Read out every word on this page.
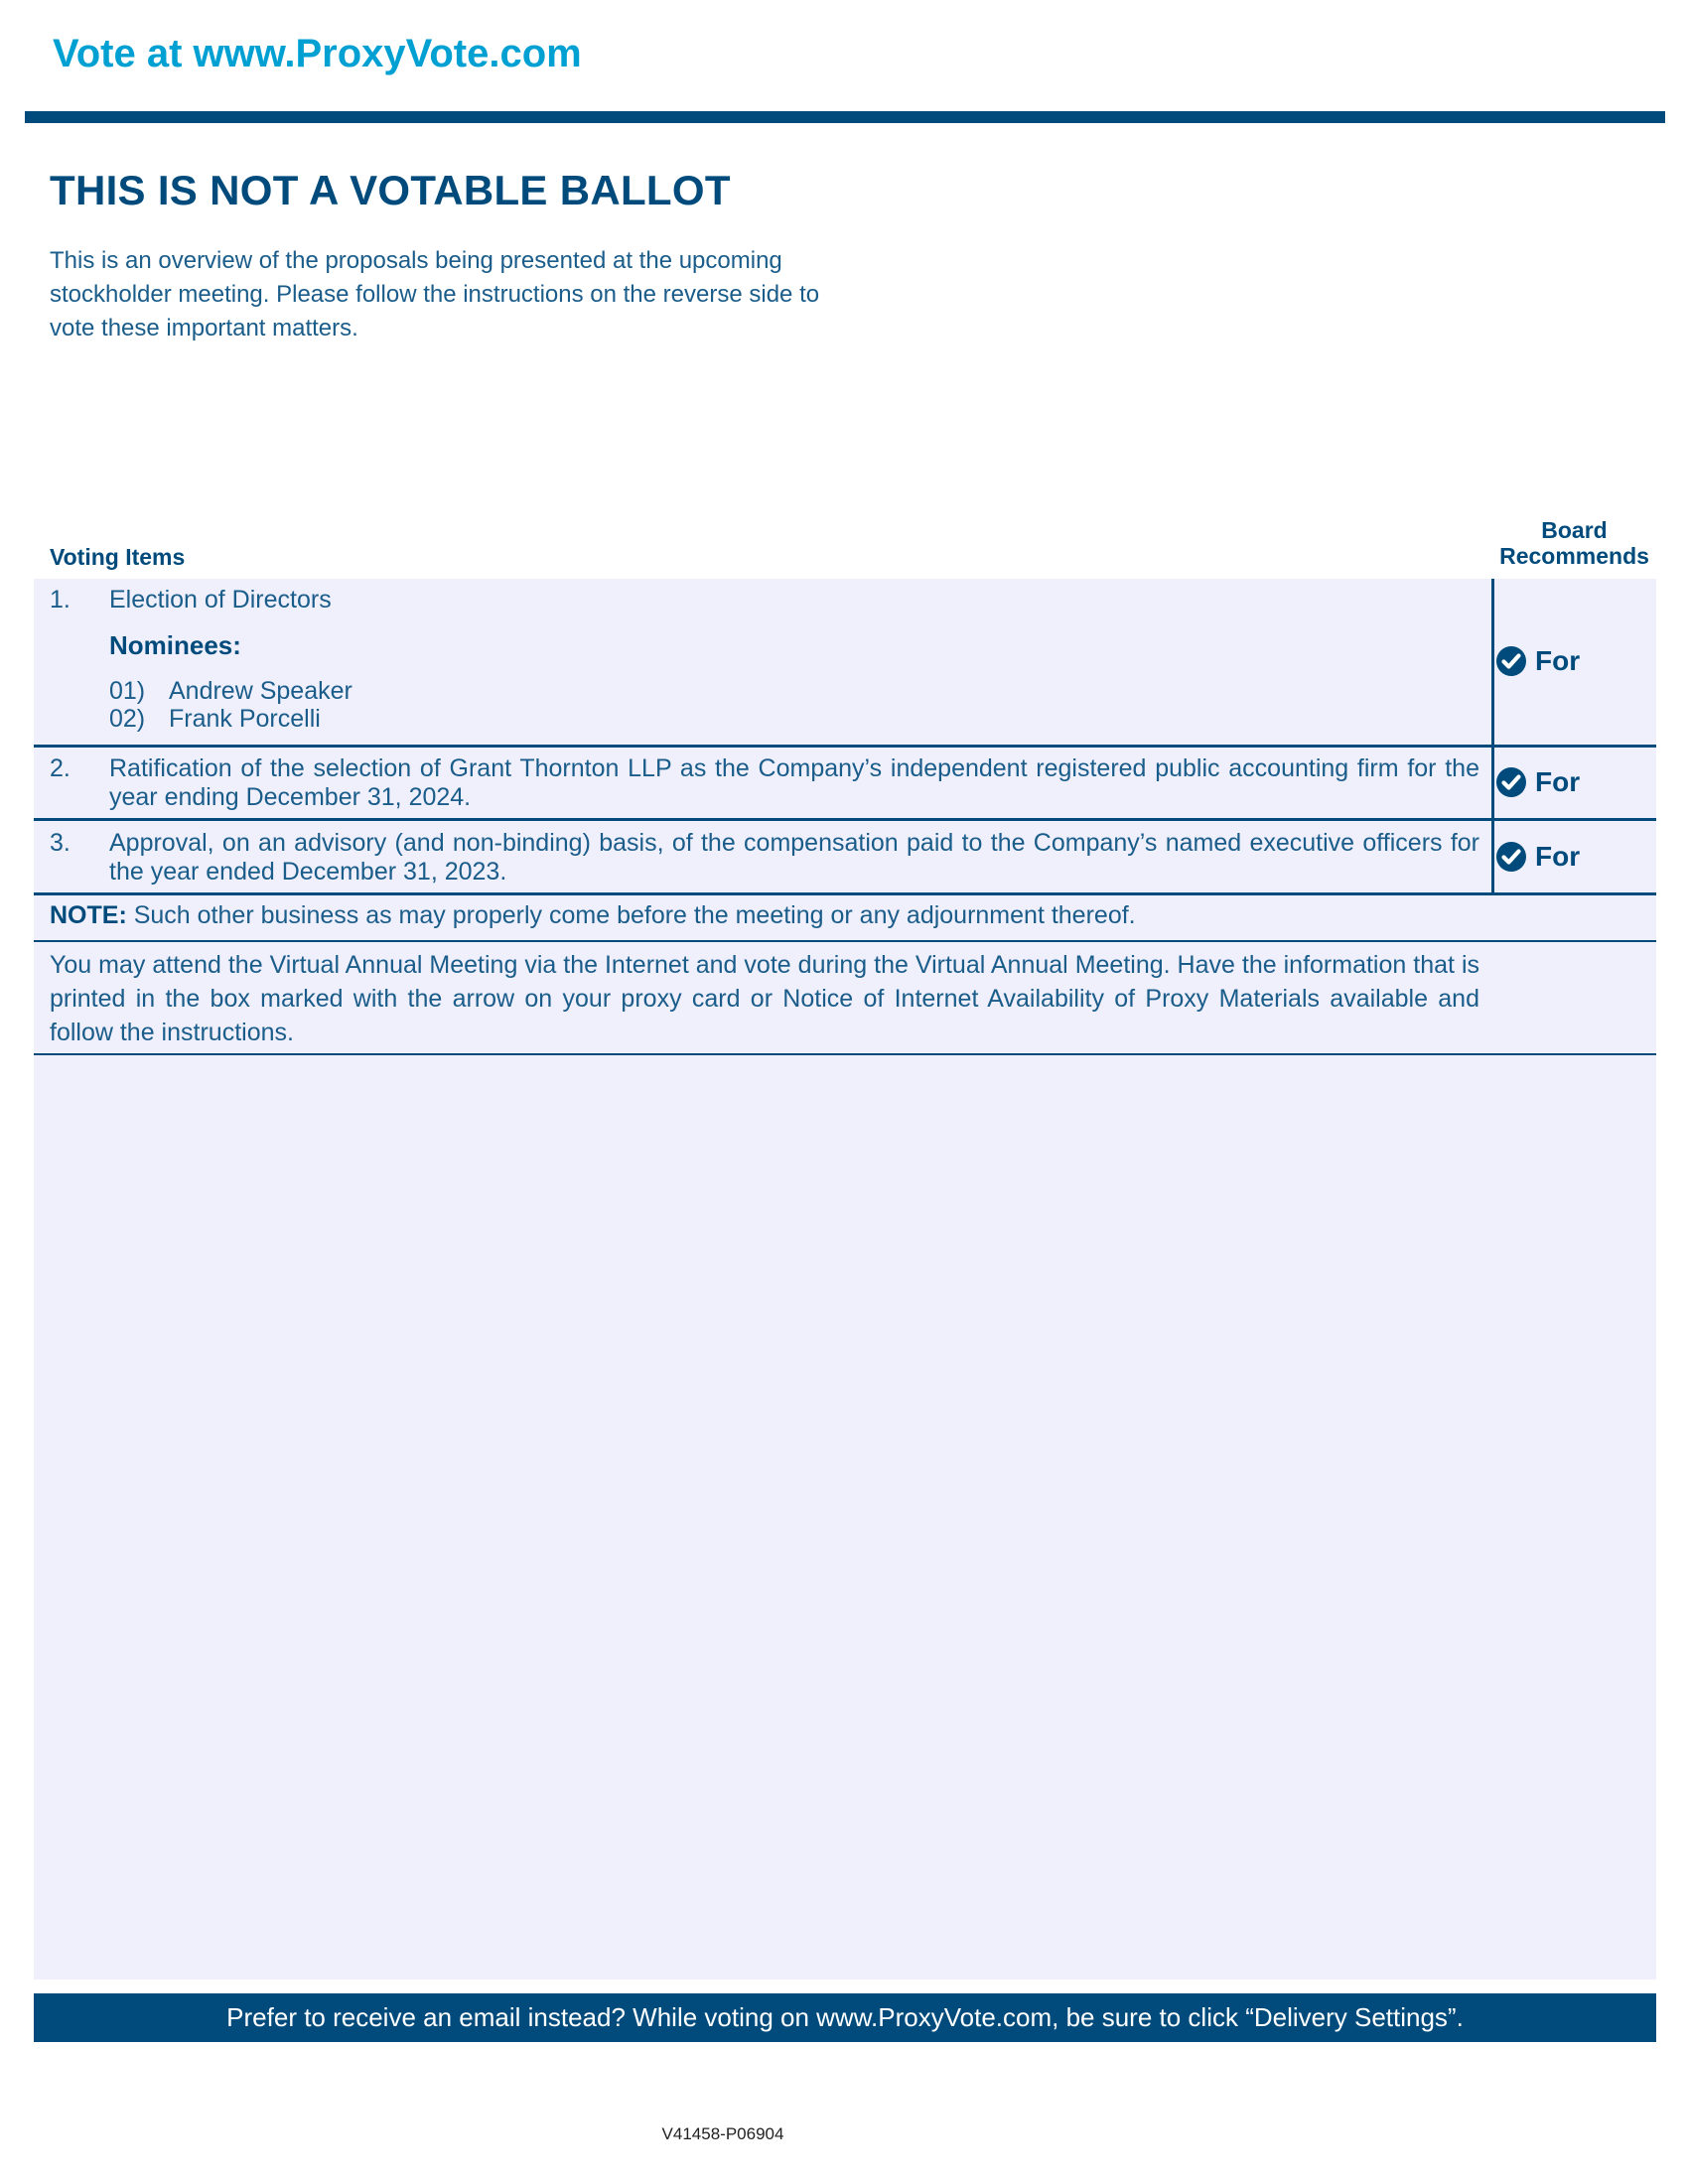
Vote at www.ProxyVote.com
THIS IS NOT A VOTABLE BALLOT
This is an overview of the proposals being presented at the upcoming stockholder meeting. Please follow the instructions on the reverse side to vote these important matters.
Voting Items
Board
Recommends
1. Election of Directors
Nominees:
01) Andrew Speaker
02) Frank Porcelli
For
2. Ratification of the selection of Grant Thornton LLP as the Company’s independent registered public accounting firm for the year ending December 31, 2024.	For
3. Approval, on an advisory (and non-binding) basis, of the compensation paid to the Company’s named executive officers for the year ended December 31, 2023.	For
NOTE: Such other business as may properly come before the meeting or any adjournment thereof.
You may attend the Virtual Annual Meeting via the Internet and vote during the Virtual Annual Meeting. Have the information that is printed in the box marked with the arrow on your proxy card or Notice of Internet Availability of Proxy Materials available and follow the instructions.
Prefer to receive an email instead? While voting on www.ProxyVote.com, be sure to click “Delivery Settings”.
V41458-P06904
